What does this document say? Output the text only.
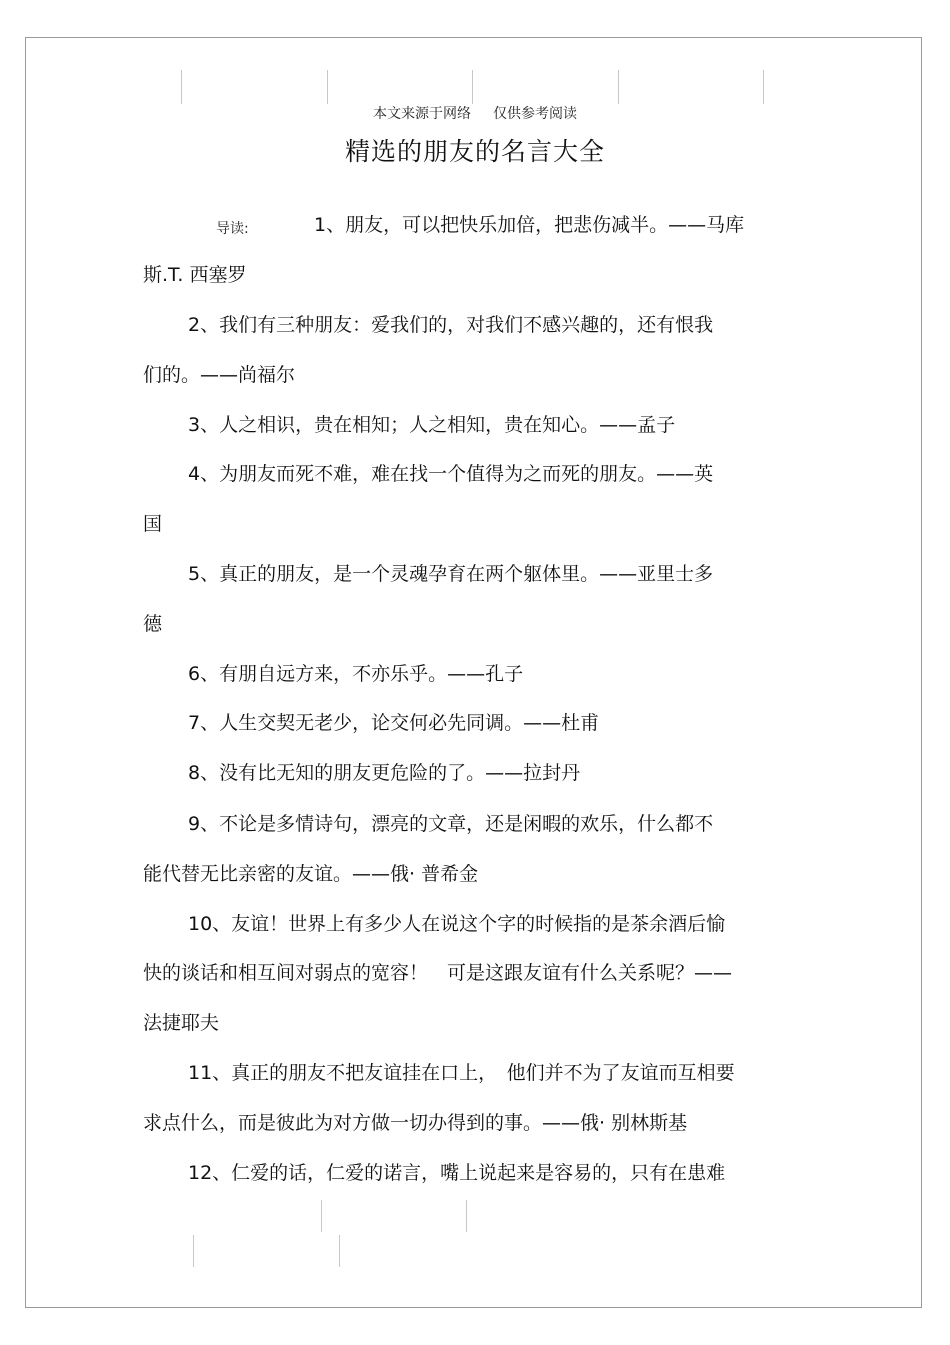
本文来源于网络 仅供参考阅读
精选的朋友的名言大全
导读:	1、朋友，可以把快乐加倍，把悲伤减半。——马库
斯.T. 西塞罗
2、我们有三种朋友：爱我们的，对我们不感兴趣的，还有恨我
们的。——尚福尔
3、人之相识，贵在相知；人之相知，贵在知心。——孟子
4、为朋友而死不难，难在找一个值得为之而死的朋友。——英
国
5、真正的朋友，是一个灵魂孕育在两个躯体里。——亚里士多
德
6、有朋自远方来，不亦乐乎。——孔子
7、人生交契无老少，论交何必先同调。——杜甫
8、没有比无知的朋友更危险的了。——拉封丹
9、不论是多情诗句，漂亮的文章，还是闲暇的欢乐，什么都不
能代替无比亲密的友谊。——俄· 普希金
10、友谊！世界上有多少人在说这个字的时候指的是茶余酒后愉
快的谈话和相互间对弱点的宽容！　可是这跟友谊有什么关系呢？——
法捷耶夫
11、真正的朋友不把友谊挂在口上，　他们并不为了友谊而互相要
求点什么，而是彼此为对方做一切办得到的事。——俄· 别林斯基
12、仁爱的话，仁爱的诺言，嘴上说起来是容易的，只有在患难
